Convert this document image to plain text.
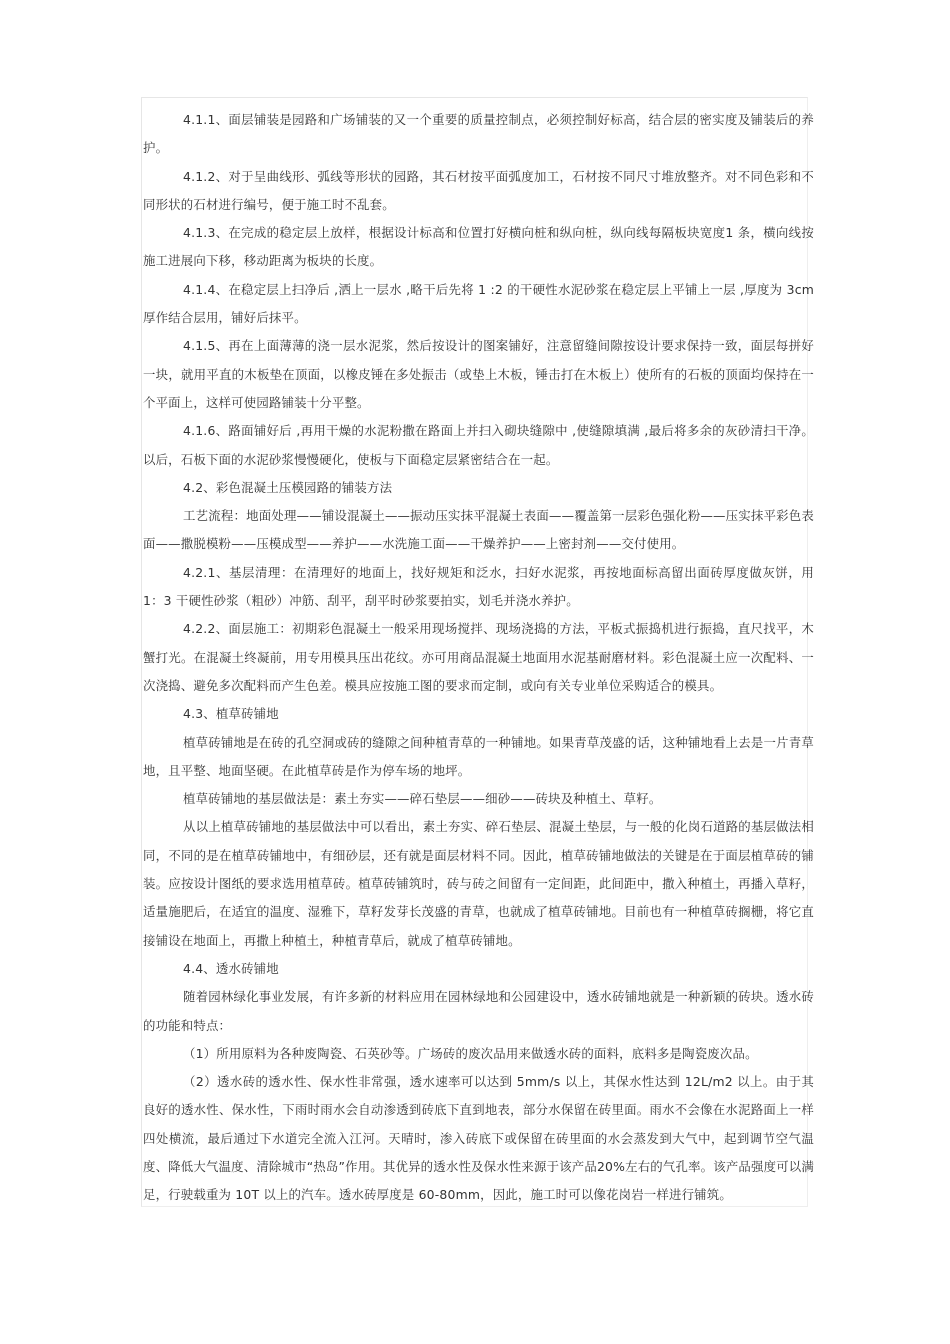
4.1.1、面层铺装是园路和广场铺装的又一个重要的质量控制点，必须控制好标高，结合层的密实度及铺装后的养护。

4.1.2、对于呈曲线形、弧线等形状的园路，其石材按平面弧度加工，石材按不同尺寸堆放整齐。对不同色彩和不同形状的石材进行编号，便于施工时不乱套。

4.1.3、在完成的稳定层上放样，根据设计标高和位置打好横向桩和纵向桩，纵向线每隔板块宽度1 条，横向线按施工进展向下移，移动距离为板块的长度。

4.1.4、在稳定层上扫净后 ,洒上一层水 ,略干后先将 1 :2 的干硬性水泥砂浆在稳定层上平铺上一层 ,厚度为 3cm 厚作结合层用，铺好后抹平。

4.1.5、再在上面薄薄的浇一层水泥浆，然后按设计的图案铺好，注意留缝间隙按设计要求保持一致，面层每拼好一块，就用平直的木板垫在顶面，以橡皮锤在多处振击（或垫上木板，锤击打在木板上）使所有的石板的顶面均保持在一个平面上，这样可使园路铺装十分平整。

4.1.6、路面铺好后 ,再用干燥的水泥粉撒在路面上并扫入砌块缝隙中 ,使缝隙填满 ,最后将多余的灰砂清扫干净。以后，石板下面的水泥砂浆慢慢硬化，使板与下面稳定层紧密结合在一起。

4.2、彩色混凝土压模园路的铺装方法

工艺流程：地面处理——铺设混凝土——振动压实抹平混凝土表面——覆盖第一层彩色强化粉——压实抹平彩色表面——撒脱模粉——压模成型——养护——水洗施工面——干燥养护——上密封剂——交付使用。

4.2.1、基层清理：在清理好的地面上，找好规矩和泛水，扫好水泥浆，再按地面标高留出面砖厚度做灰饼，用1：3 干硬性砂浆（粗砂）冲筋、刮平，刮平时砂浆要拍实，划毛并浇水养护。

4.2.2、面层施工：初期彩色混凝土一般采用现场搅拌、现场浇捣的方法，平板式振捣机进行振捣，直尺找平，木蟹打光。在混凝土终凝前，用专用模具压出花纹。亦可用商品混凝土地面用水泥基耐磨材料。彩色混凝土应一次配料、一次浇捣、避免多次配料而产生色差。模具应按施工图的要求而定制，或向有关专业单位采购适合的模具。

4.3、植草砖铺地

植草砖铺地是在砖的孔空洞或砖的缝隙之间种植青草的一种铺地。如果青草茂盛的话，这种铺地看上去是一片青草地，且平整、地面坚硬。在此植草砖是作为停车场的地坪。

植草砖铺地的基层做法是：素土夯实——碎石垫层——细砂——砖块及种植土、草籽。

从以上植草砖铺地的基层做法中可以看出，素土夯实、碎石垫层、混凝土垫层，与一般的化岗石道路的基层做法相同，不同的是在植草砖铺地中，有细砂层，还有就是面层材料不同。因此，植草砖铺地做法的关键是在于面层植草砖的铺装。应按设计图纸的要求选用植草砖。植草砖铺筑时，砖与砖之间留有一定间距，此间距中，撒入种植土，再播入草籽，适量施肥后，在适宜的温度、湿雅下，草籽发芽长茂盛的青草，也就成了植草砖铺地。目前也有一种植草砖搁栅，将它直接铺设在地面上，再撒上种植土，种植青草后，就成了植草砖铺地。

4.4、透水砖铺地

随着园林绿化事业发展，有许多新的材料应用在园林绿地和公园建设中，透水砖铺地就是一种新颖的砖块。透水砖的功能和特点：

（1）所用原料为各种废陶瓷、石英砂等。广场砖的废次品用来做透水砖的面料，底料多是陶瓷废次品。

（2）透水砖的透水性、保水性非常强，透水速率可以达到 5mm/s 以上，其保水性达到 12L/m2 以上。由于其良好的透水性、保水性，下雨时雨水会自动渗透到砖底下直到地表，部分水保留在砖里面。雨水不会像在水泥路面上一样四处横流，最后通过下水道完全流入江河。天晴时，渗入砖底下或保留在砖里面的水会蒸发到大气中，起到调节空气温度、降低大气温度、清除城市“热岛”作用。其优异的透水性及保水性来源于该产品20%左右的气孔率。该产品强度可以满足，行驶载重为 10T 以上的汽车。透水砖厚度是 60-80mm，因此，施工时可以像花岗岩一样进行铺筑。
